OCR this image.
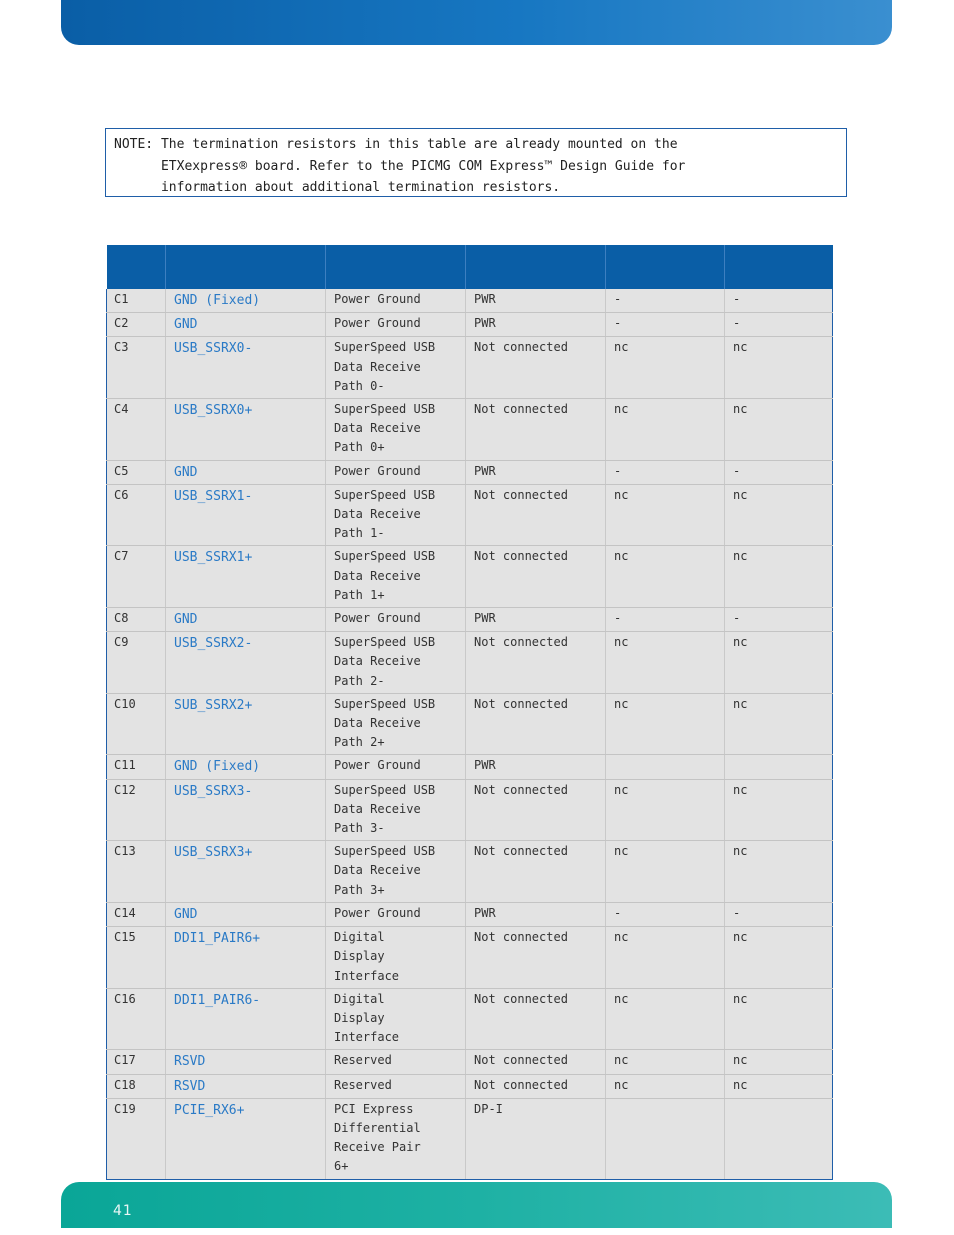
NOTE: The termination resistors in this table are already mounted on the
ETXexpress® board. Refer to the PICMG COM Express™ Design Guide for
information about additional termination resistors.

C1	GND (Fixed)	Power Ground	PWR	-	-
C2	GND	Power Ground	PWR	-	-
C3	USB_SSRX0-	SuperSpeed USB
Data Receive
Path 0-	Not connected	nc	nc
C4	USB_SSRX0+	SuperSpeed USB
Data Receive
Path 0+	Not connected	nc	nc
C5	GND	Power Ground	PWR	-	-
C6	USB_SSRX1-	SuperSpeed USB
Data Receive
Path 1-	Not connected	nc	nc
C7	USB_SSRX1+	SuperSpeed USB
Data Receive
Path 1+	Not connected	nc	nc
C8	GND	Power Ground	PWR	-	-
C9	USB_SSRX2-	SuperSpeed USB
Data Receive
Path 2-	Not connected	nc	nc
C10	SUB_SSRX2+	SuperSpeed USB
Data Receive
Path 2+	Not connected	nc	nc
C11	GND (Fixed)	Power Ground	PWR		
C12	USB_SSRX3-	SuperSpeed USB
Data Receive
Path 3-	Not connected	nc	nc
C13	USB_SSRX3+	SuperSpeed USB
Data Receive
Path 3+	Not connected	nc	nc
C14	GND	Power Ground	PWR	-	-
C15	DDI1_PAIR6+	Digital
Display
Interface	Not connected	nc	nc
C16	DDI1_PAIR6-	Digital
Display
Interface	Not connected	nc	nc
C17	RSVD	Reserved	Not connected	nc	nc
C18	RSVD	Reserved	Not connected	nc	nc
C19	PCIE_RX6+	PCI Express
Differential
Receive Pair
6+	DP-I		
41
